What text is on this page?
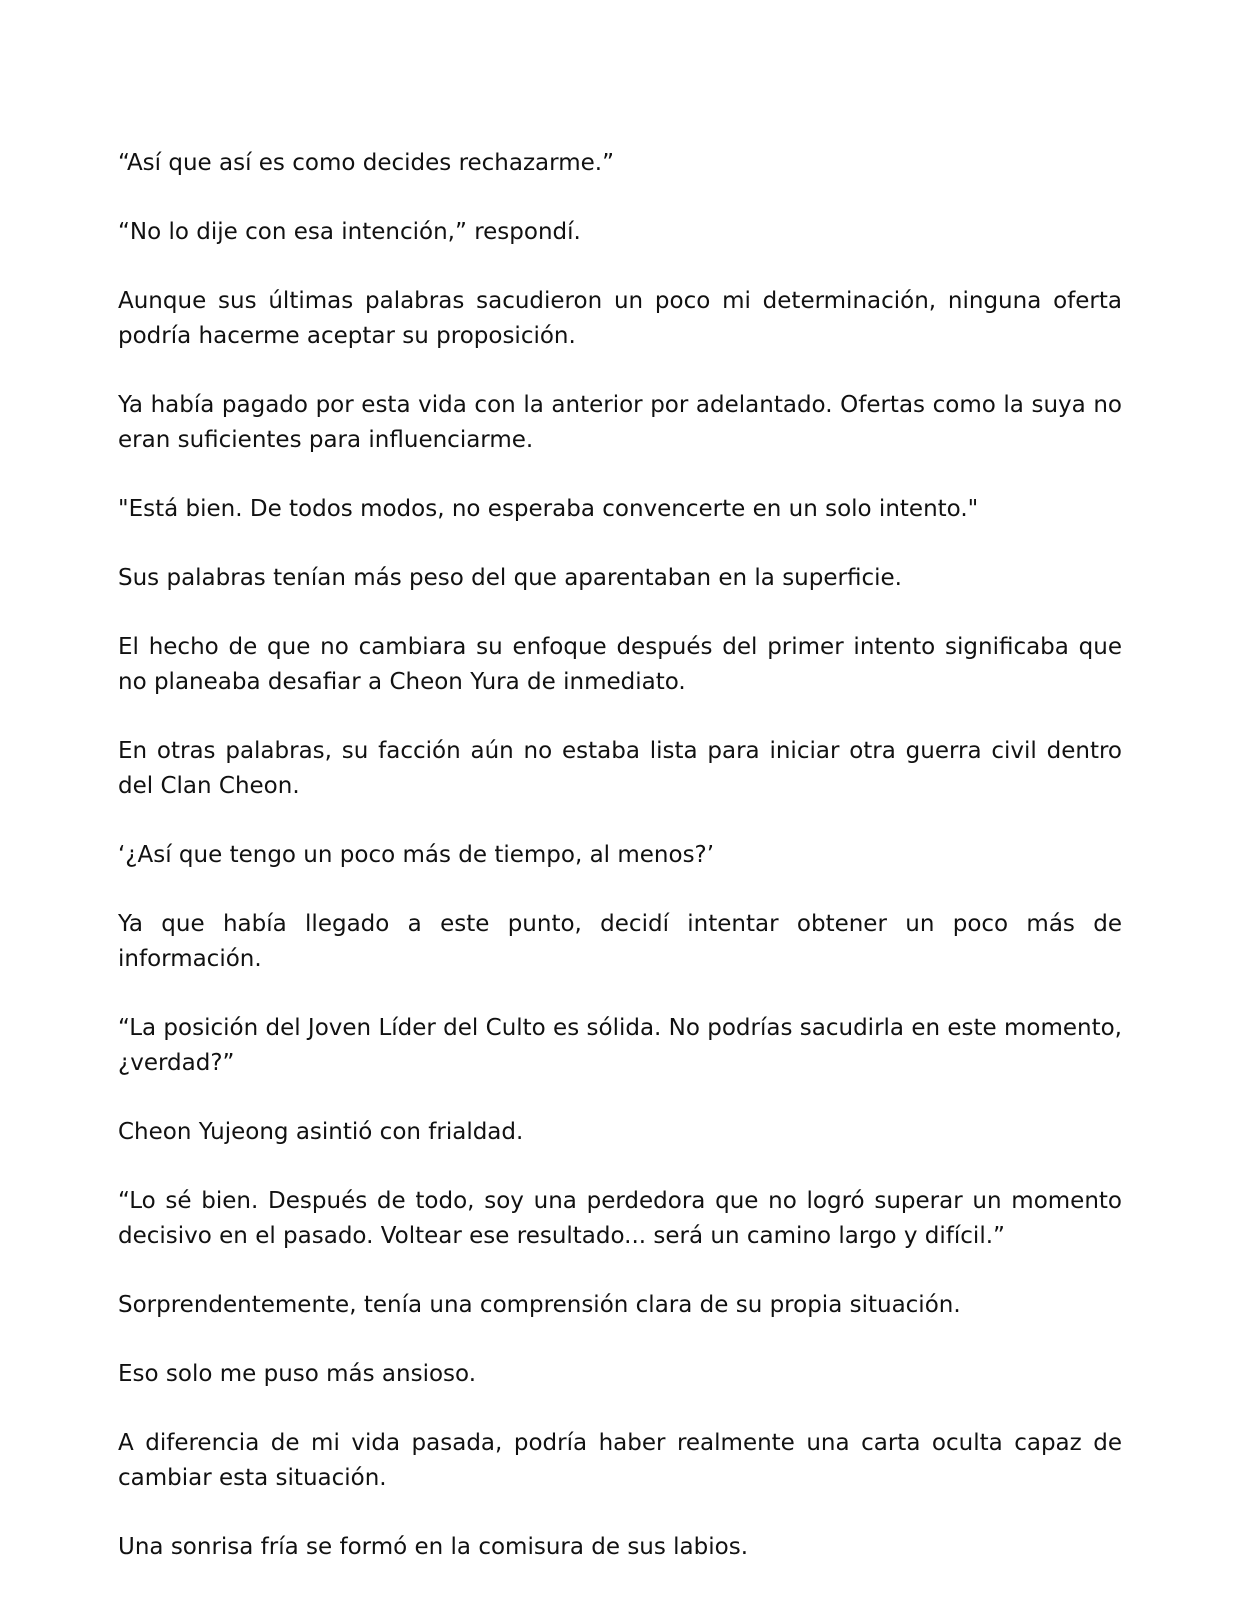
“Así que así es como decides rechazarme.”

“No lo dije con esa intención,” respondí.

Aunque sus últimas palabras sacudieron un poco mi determinación, ninguna oferta podría hacerme aceptar su proposición.

Ya había pagado por esta vida con la anterior por adelantado. Ofertas como la suya no eran suficientes para influenciarme.

"Está bien. De todos modos, no esperaba convencerte en un solo intento."

Sus palabras tenían más peso del que aparentaban en la superficie.

El hecho de que no cambiara su enfoque después del primer intento significaba que no planeaba desafiar a Cheon Yura de inmediato.

En otras palabras, su facción aún no estaba lista para iniciar otra guerra civil dentro del Clan Cheon.

‘¿Así que tengo un poco más de tiempo, al menos?’

Ya que había llegado a este punto, decidí intentar obtener un poco más de información.

“La posición del Joven Líder del Culto es sólida. No podrías sacudirla en este momento, ¿verdad?”

Cheon Yujeong asintió con frialdad.

“Lo sé bien. Después de todo, soy una perdedora que no logró superar un momento decisivo en el pasado. Voltear ese resultado... será un camino largo y difícil.”

Sorprendentemente, tenía una comprensión clara de su propia situación.

Eso solo me puso más ansioso.

A diferencia de mi vida pasada, podría haber realmente una carta oculta capaz de cambiar esta situación.

Una sonrisa fría se formó en la comisura de sus labios.
